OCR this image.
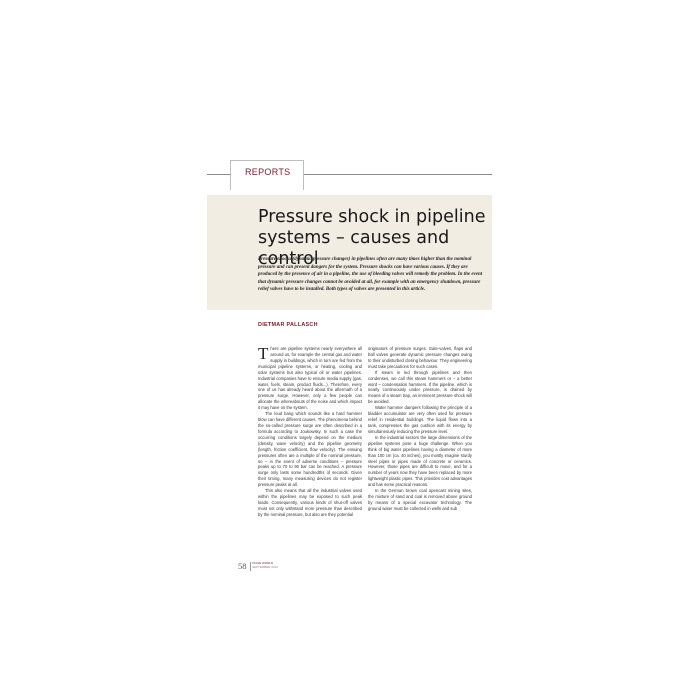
REPORTS
Pressure shock in pipeline systems – causes and control

Pressure shocks (dynamic pressure changes) in pipelines often are many times higher than the nominal pressure and can present dangers for the system. Pressure shocks can have various causes. If they are produced by the presence of air in a pipeline, the use of bleeding valves will remedy the problem. In the event that dynamic pressure changes cannot be avoided at all, for example with an emergency shutdown, pressure relief valves have to be installed. Both types of valves are presented in this article.

DIETMAR PALLASCH

There are pipeline systems nearly everywhere all around us, for example the central gas and water supply in buildings, which in turn are fed from the municipal pipeline systems, or heating, cooling and solar systems but also typical oil or water pipelines. Industrial companies have to ensure media supply (gas, water, fuels, steam, product fluids...). Therefore, every one of us has already heard about the aftermath of a pressure surge. However, only a few people can allocate the whereabouts of the noise and which impact it may have on the system.

The loud bang which sounds like a hard hammer blow can have different causes. The phenomena behind the so-called pressure surge are often described in a formula according to Joukowsky. In such a case the occurring conditions largely depend on the medium (density, wave velocity) and the pipeline geometry (length, friction coefficient, flow velocity). The ensuing pressures often are a multiple of the nominal pressure, so – in the event of adverse conditions – pressure peaks up to 70 to 90 bar can be reached. A pressure surge only lasts some hundredths of seconds. Given their timing, many measuring devices do not register pressure peaks at all.

This also means that all the industrial valves used within the pipelines may be exposed to such peak loads. Consequently, various kinds of shut-off valves must not only withstand more pressure than described by the nominal pressure, but also are they potential

originators of pressure surges. Gate-valves, flaps and ball valves generate dynamic pressure changes owing to their undisturbed closing behaviour. They engineering must take precautions for such cases.

If steam is led through pipelines and then condenses, we call this steam hammers or – a better word – condensation hammers. If the pipeline, which is nearly continuously under pressure, is drained by means of a steam trap, an imminent pressure shock will be avoided.

Water hammer dampers following the principle of a bladder accumulator are very often used for pressure relief in residential buildings. The liquid flows into a tank, compresses the gas cushion with its energy by simultaneously reducing the pressure level.

In the industrial sectors the large dimensions of the pipeline systems pose a huge challenge. When you think of big water pipelines having a diameter of more than 100 cm (ca. 40 inches), you mostly imagine sturdy steel pipes or pipes made of concrete or ceramics. However, those pipes are difficult to move, and for a number of years now they have been replaced by more lightweight plastic pipes. This provides cost advantages and has some practical reasons.

In the German brown coal opencast mining sites, the mixture of sand and coal is removed above ground by means of a special excavator technology. The ground water must be collected in wells and sub

58 VALVE WORLD
SEPTEMBER 2010
